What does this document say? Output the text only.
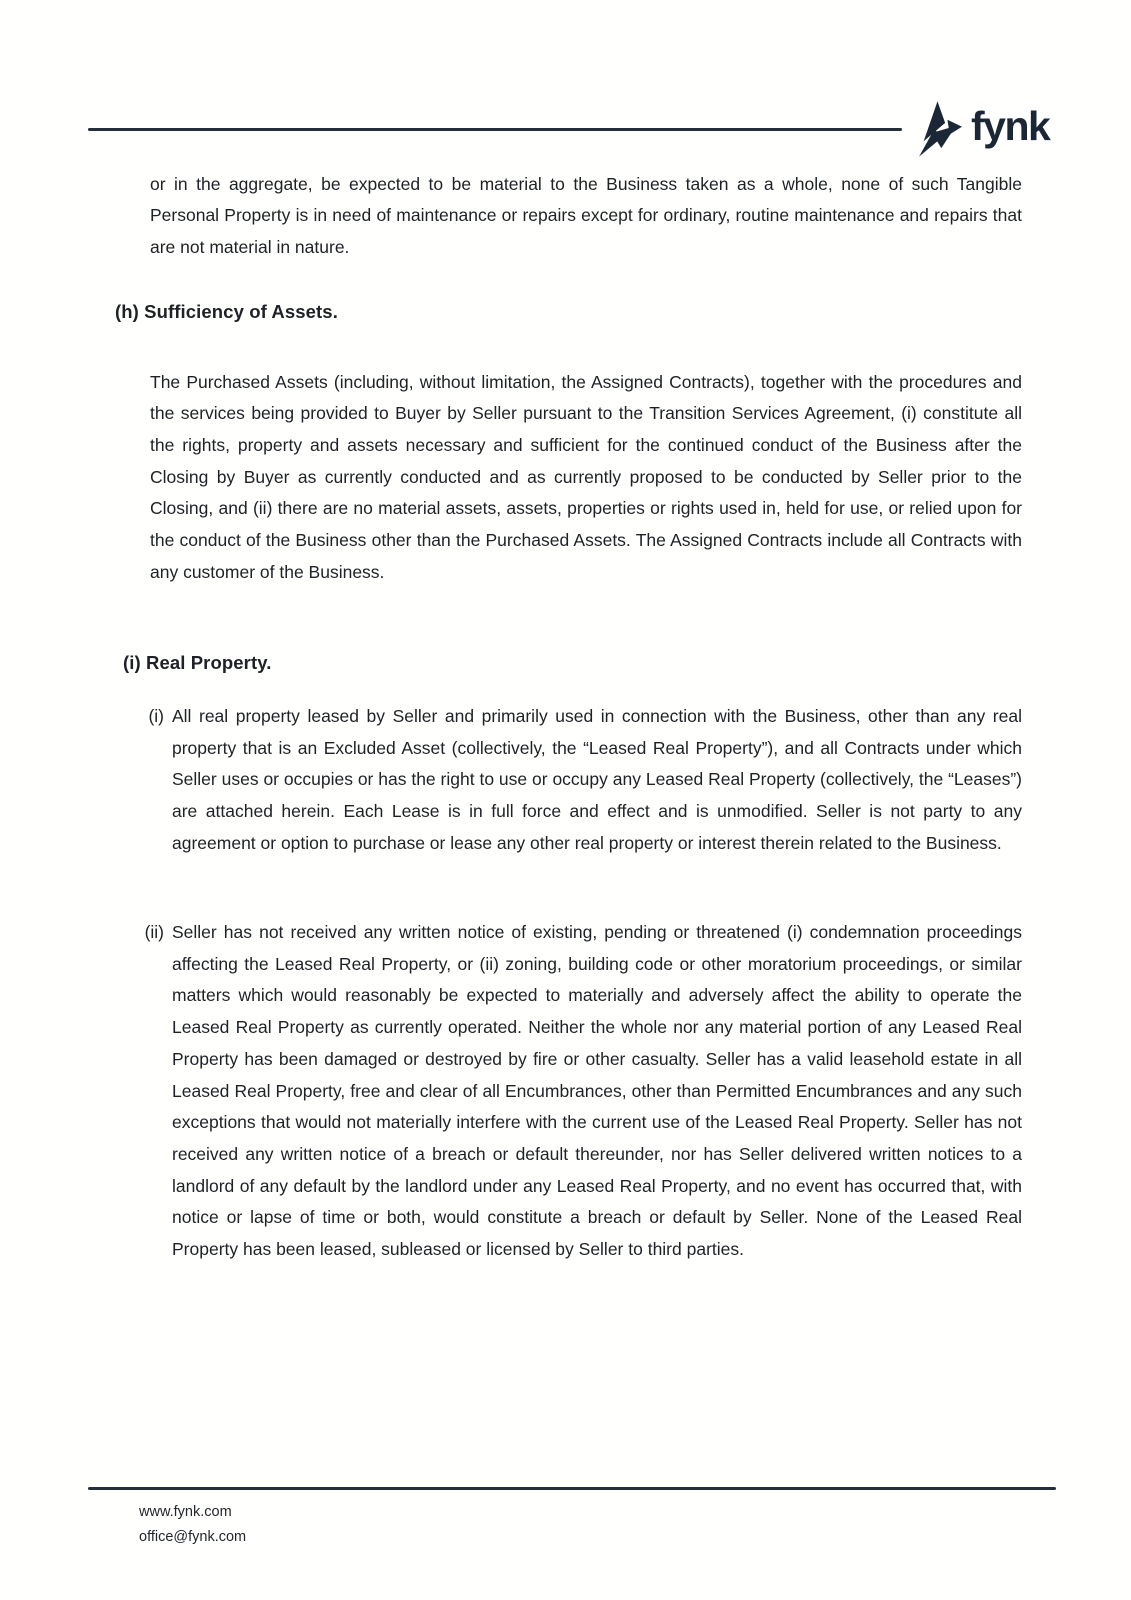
fynk

or in the aggregate, be expected to be material to the Business taken as a whole, none of such Tangible Personal Property is in need of maintenance or repairs except for ordinary, routine maintenance and repairs that are not material in nature.

(h) Sufficiency of Assets.

The Purchased Assets (including, without limitation, the Assigned Contracts), together with the procedures and the services being provided to Buyer by Seller pursuant to the Transition Services Agreement, (i) constitute all the rights, property and assets necessary and sufficient for the continued conduct of the Business after the Closing by Buyer as currently conducted and as currently proposed to be conducted by Seller prior to the Closing, and (ii) there are no material assets, assets, properties or rights used in, held for use, or relied upon for the conduct of the Business other than the Purchased Assets. The Assigned Contracts include all Contracts with any customer of the Business.

(i) Real Property.
(i) All real property leased by Seller and primarily used in connection with the Business, other than any real property that is an Excluded Asset (collectively, the “Leased Real Property”), and all Contracts under which Seller uses or occupies or has the right to use or occupy any Leased Real Property (collectively, the “Leases”) are attached herein. Each Lease is in full force and effect and is unmodified. Seller is not party to any agreement or option to purchase or lease any other real property or interest therein related to the Business.
(ii) Seller has not received any written notice of existing, pending or threatened (i) condemnation proceedings affecting the Leased Real Property, or (ii) zoning, building code or other moratorium proceedings, or similar matters which would reasonably be expected to materially and adversely affect the ability to operate the Leased Real Property as currently operated. Neither the whole nor any material portion of any Leased Real Property has been damaged or destroyed by fire or other casualty. Seller has a valid leasehold estate in all Leased Real Property, free and clear of all Encumbrances, other than Permitted Encumbrances and any such exceptions that would not materially interfere with the current use of the Leased Real Property. Seller has not received any written notice of a breach or default thereunder, nor has Seller delivered written notices to a landlord of any default by the landlord under any Leased Real Property, and no event has occurred that, with notice or lapse of time or both, would constitute a breach or default by Seller. None of the Leased Real Property has been leased, subleased or licensed by Seller to third parties.
www.fynk.com
office@fynk.com
